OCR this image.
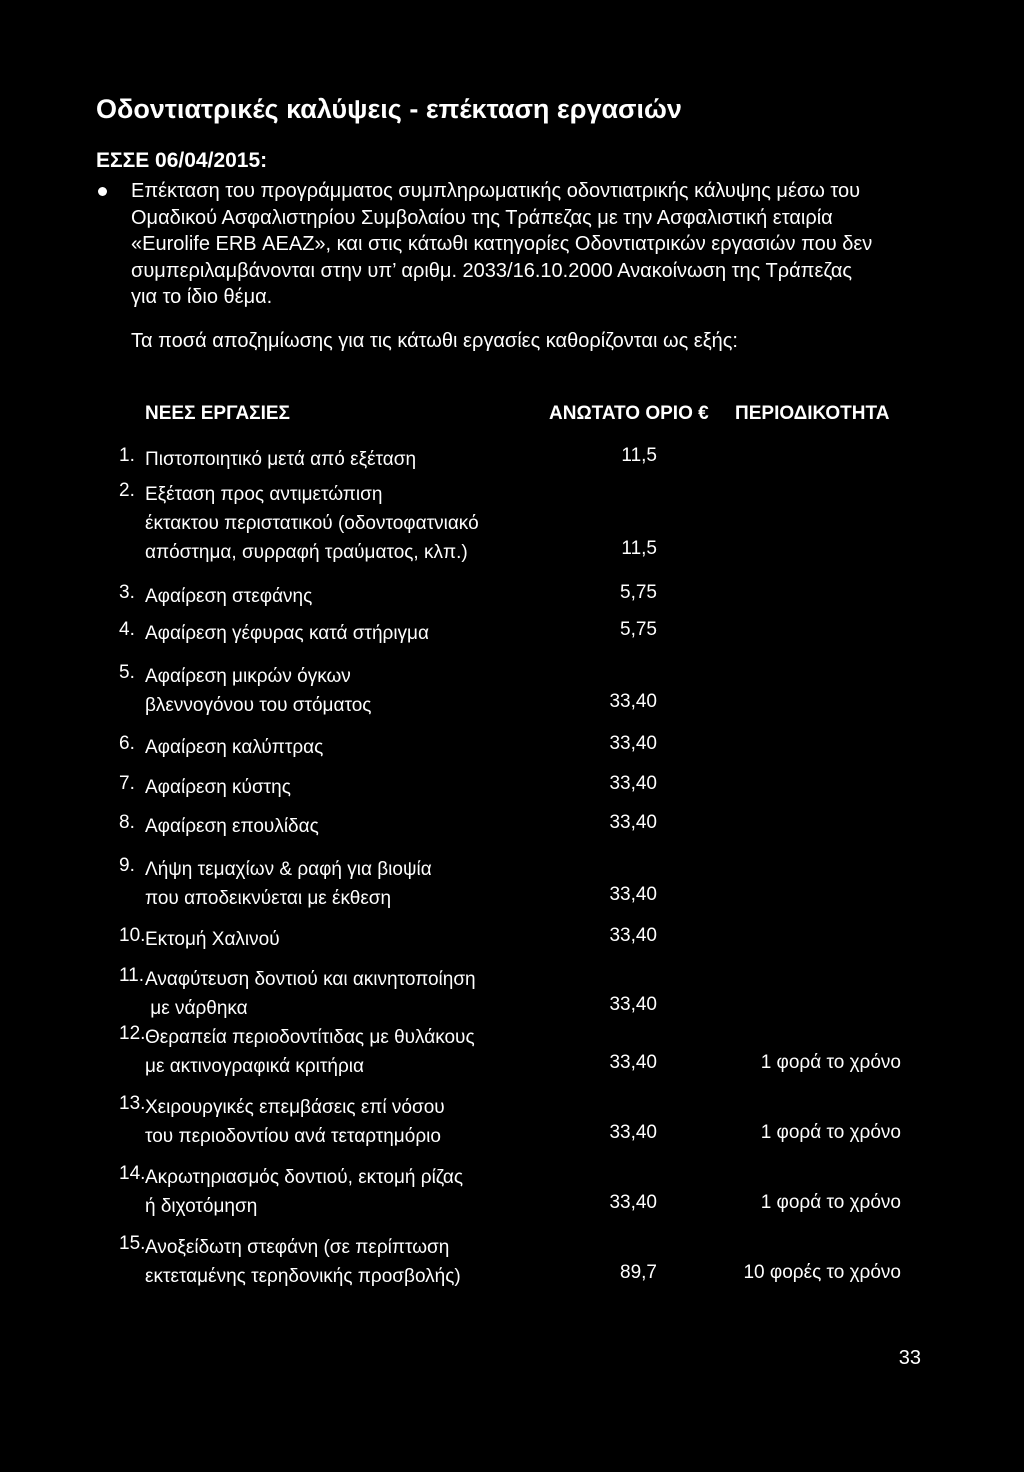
Οδοντιατρικές καλύψεις - επέκταση εργασιών
ΕΣΣΕ 06/04/2015:
Επέκταση του προγράμματος συμπληρωματικής οδοντιατρικής κάλυψης μέσω του
Ομαδικού Ασφαλιστηρίου Συμβολαίου της Τράπεζας με την Ασφαλιστική εταιρία
«Eurolife ERB ΑΕΑΖ», και στις κάτωθι κατηγορίες Οδοντιατρικών εργασιών που δεν
συμπεριλαμβάνονται στην υπ’ αριθμ. 2033/16.10.2000 Ανακοίνωση της Τράπεζας
για το ίδιο θέμα.
Τα ποσά αποζημίωσης για τις κάτωθι εργασίες καθορίζονται ως εξής:
ΝΕΕΣ ΕΡΓΑΣΙΕΣ	ΑΝΩΤΑΤΟ ΟΡΙΟ € ΠΕΡΙΟΔΙΚΟΤΗΤΑ
1. Πιστοποιητικό μετά από εξέταση	11,5
2. Εξέταση προς αντιμετώπιση
έκτακτου περιστατικού (οδοντοφατνιακό
απόστημα, συρραφή τραύματος, κλπ.)	11,5
3. Αφαίρεση στεφάνης	5,75
4. Αφαίρεση γέφυρας κατά στήριγμα	5,75
5. Αφαίρεση μικρών όγκων
βλεννογόνου του στόματος	33,40
6. Αφαίρεση καλύπτρας	33,40
7. Αφαίρεση κύστης	33,40
8. Αφαίρεση επουλίδας	33,40
9. Λήψη τεμαχίων & ραφή για βιοψία
που αποδεικνύεται με έκθεση	33,40
10. Εκτομή Χαλινού	33,40
11. Αναφύτευση δοντιού και ακινητοποίηση
με νάρθηκα	33,40
12. Θεραπεία περιοδοντίτιδας με θυλάκους
με ακτινογραφικά κριτήρια	33,40	1 φορά το χρόνο
13. Χειρουργικές επεμβάσεις επί νόσου
του περιοδοντίου ανά τεταρτημόριο	33,40	1 φορά το χρόνο
14. Ακρωτηριασμός δοντιού, εκτομή ρίζας
ή διχοτόμηση	33,40	1 φορά το χρόνο
15. Ανοξείδωτη στεφάνη (σε περίπτωση
εκτεταμένης τερηδονικής προσβολής)	89,7	10 φορές το χρόνο
33
